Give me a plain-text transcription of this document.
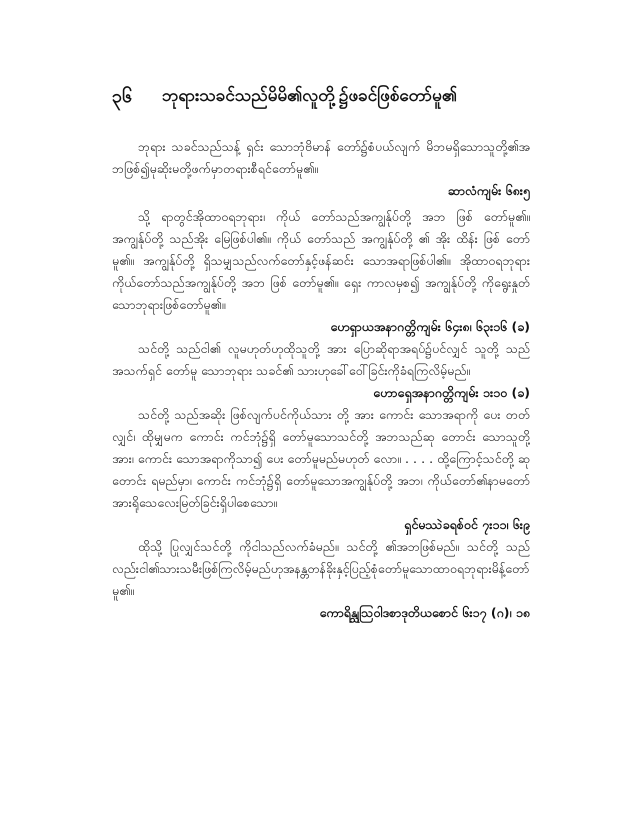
၃၆	ဘုရားသခင်သည်မိမိ၏လူတို့၌ဖခင်ဖြစ်တော်မူ၏

ဘုရား သခင်သည်သန့် ရှင်း သောဘုံဗိမာန် တော်၌စံပယ်လျက် မိဘမရှိသောသူတို့၏အဘဖြစ်၍မုဆိုးမတို့ဖက်မှာတရားစီရင်တော်မူ၏။

ဆာလံကျမ်း ၆၈း၅

သို့ ရာတွင်အိုထာဝရဘုရား၊ ကိုယ် တော်သည်အကျွန်ုပ်တို့ အဘ ဖြစ် တော်မူ၏။ အကျွန်ုပ်တို့ သည်အိုး မြေဖြစ်ပါ၏။ ကိုယ် တော်သည် အကျွန်ုပ်တို့ ၏ အိုး ထိန်း ဖြစ် တော်မူ၏။ အကျွန်ုပ်တို့ ရှိသမျှသည်လက်တော်နှင့်ဖန်ဆင်း သောအရာဖြစ်ပါ၏။ အိုထာဝရဘုရား ကိုယ်တော်သည်အကျွန်ုပ်တို့ အဘ ဖြစ် တော်မူ၏။ ရှေး ကာလမှစ၍ အကျွန်ုပ်တို့ ကိုရွေးနှုတ်သောဘုရားဖြစ်တော်မူ၏။

ဟေရှာယအနာဂတ္တိကျမ်း ၆၄း၈၊ ၆၃း၁၆ (ခ)

သင်တို့ သည်ငါ၏ လူမဟုတ်ဟုထိုသူတို့ အား ပြောဆိုရာအရပ်၌ပင်လျှင် သူတို့ သည်အသက်ရှင် တော်မူ သောဘုရား သခင်၏ သားဟုခေါ်ဝေါ်ခြင်းကိုခံရကြလိမ့်မည်။

ဟောရှေအနာဂတ္တိကျမ်း ၁း၁၀ (ခ)

သင်တို့ သည်အဆိုး ဖြစ်လျက်ပင်ကိုယ်သား တို့ အား ကောင်း သောအရာကို ပေး တတ်လျှင်၊ ထိုမျှမက ကောင်း ကင်ဘုံ၌ရှိ တော်မူသောသင်တို့ အဘသည်ဆု တောင်း သောသူတို့ အား၊ ကောင်း သောအရာကိုသာ၍ ပေး တော်မူမည်မဟုတ် လော။ . . . . ထို့ကြောင့်သင်တို့ ဆု တောင်း ရမည်မှာ၊ ကောင်း ကင်ဘုံ၌ရှိ တော်မူသောအကျွန်ုပ်တို့ အဘ၊ ကိုယ်တော်၏နာမတော်အားရိုသေလေးမြတ်ခြင်းရှိပါစေသော။

ရှင်မဿဲခရစ်ဝင် ၇း၁၁၊ ၆း၉

ထိုသို့ ပြုလျှင်သင်တို့ ကိုငါသည်လက်ခံမည်။ သင်တို့ ၏အဘဖြစ်မည်။ သင်တို့ သည်လည်းငါ၏သားသမီးဖြစ်ကြလိမ့်မည်ဟုအနန္တတန်ခိုးနှင့်ပြည့်စုံတော်မူသောထာဝရဘုရားမိန့်တော်မူ၏။

ကောရိန္သုဩဝါဒစာဒုတိယစောင် ၆း၁၇ (ဂ)၊ ၁၈
